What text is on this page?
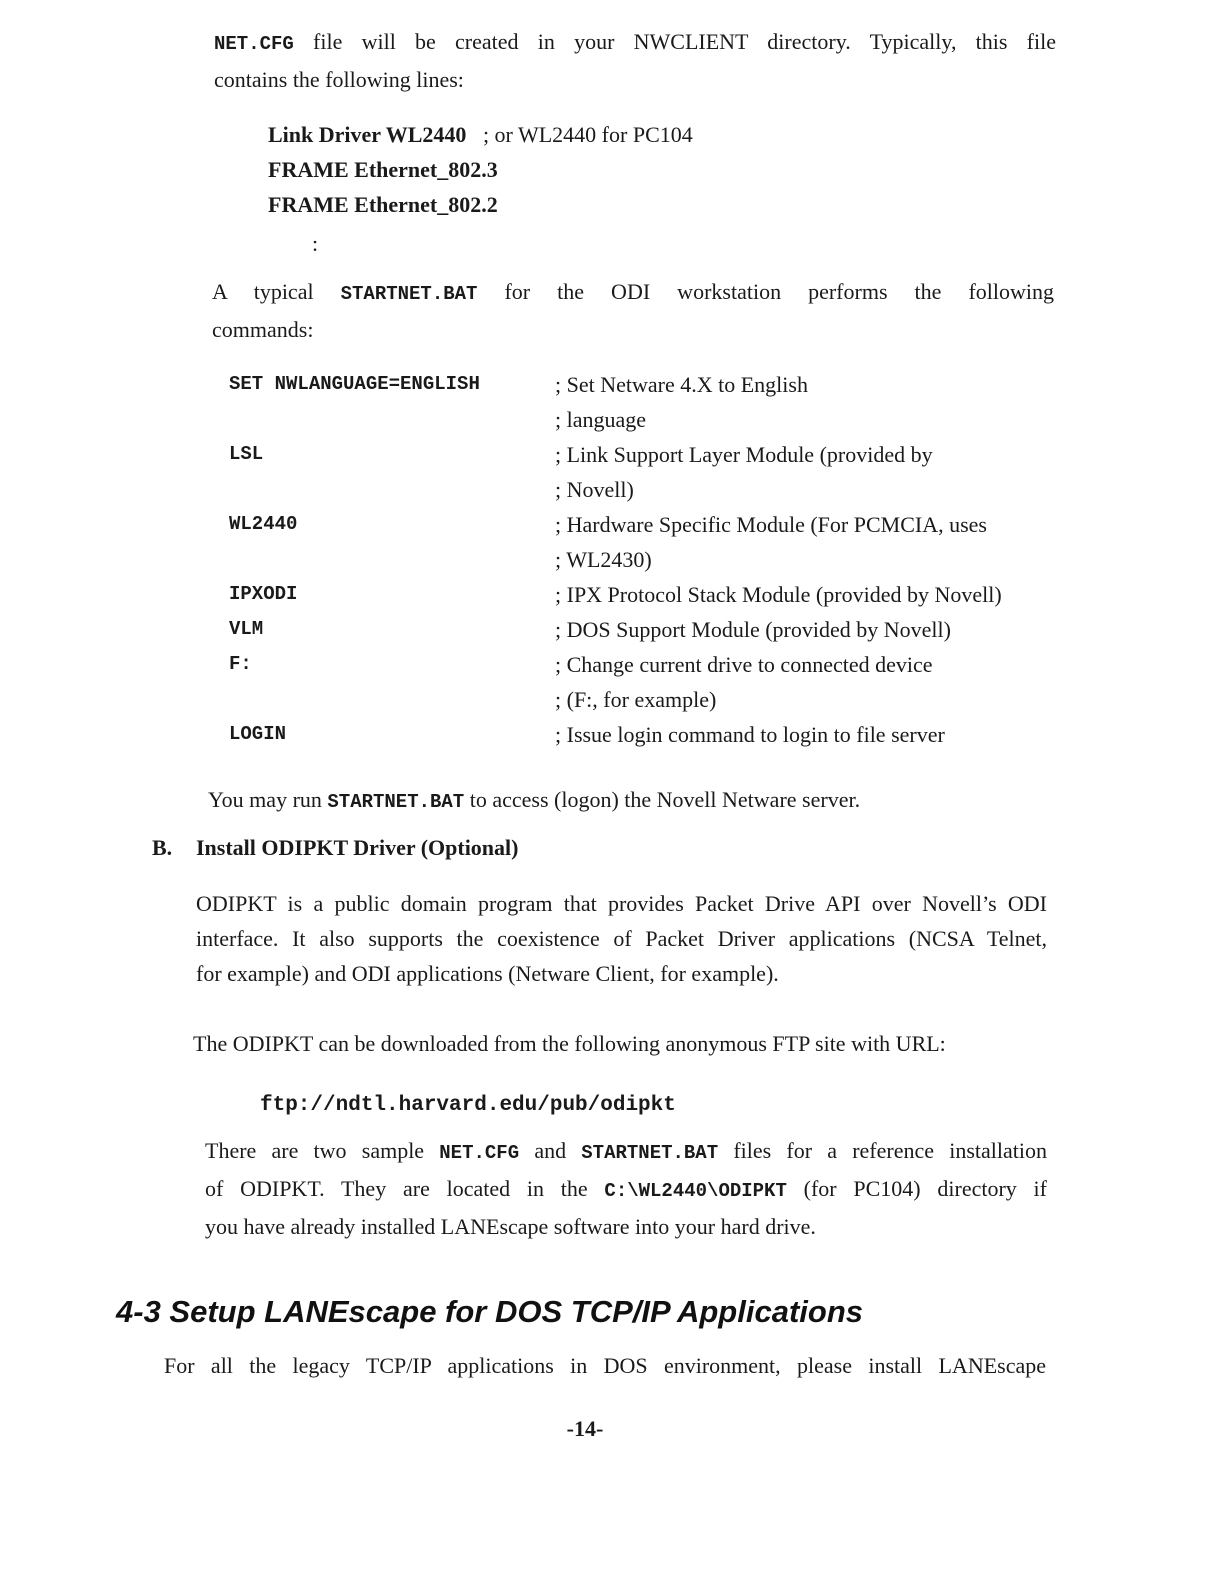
NET.CFG file will be created in your NWCLIENT directory. Typically, this file
contains the following lines:
Link Driver WL2440   ; or WL2440 for PC104
FRAME Ethernet_802.3
FRAME Ethernet_802.2
:
A typical STARTNET.BAT for the ODI workstation performs the following
commands:
SET NWLANGUAGE=ENGLISH	; Set Netware 4.X to English
; language
LSL	; Link Support Layer Module (provided by
; Novell)
WL2440	; Hardware Specific Module (For PCMCIA, uses
; WL2430)
IPXODI	; IPX Protocol Stack Module (provided by Novell)
VLM	; DOS Support Module (provided by Novell)
F:	; Change current drive to connected device
; (F:, for example)
LOGIN	; Issue login command to login to file server
You may run STARTNET.BAT to access (logon) the Novell Netware server.
B. Install ODIPKT Driver (Optional)
ODIPKT is a public domain program that provides Packet Drive API over Novell’s ODI
interface. It also supports the coexistence of Packet Driver applications (NCSA Telnet,
for example) and ODI applications (Netware Client, for example).
The ODIPKT can be downloaded from the following anonymous FTP site with URL:
ftp://ndtl.harvard.edu/pub/odipkt
There are two sample NET.CFG and STARTNET.BAT files for a reference installation
of ODIPKT. They are located in the C:\WL2440\ODIPKT (for PC104) directory if
you have already installed LANEscape software into your hard drive.
4-3 Setup LANEscape for DOS TCP/IP Applications
For all the legacy TCP/IP applications in DOS environment, please install LANEscape
-14-
